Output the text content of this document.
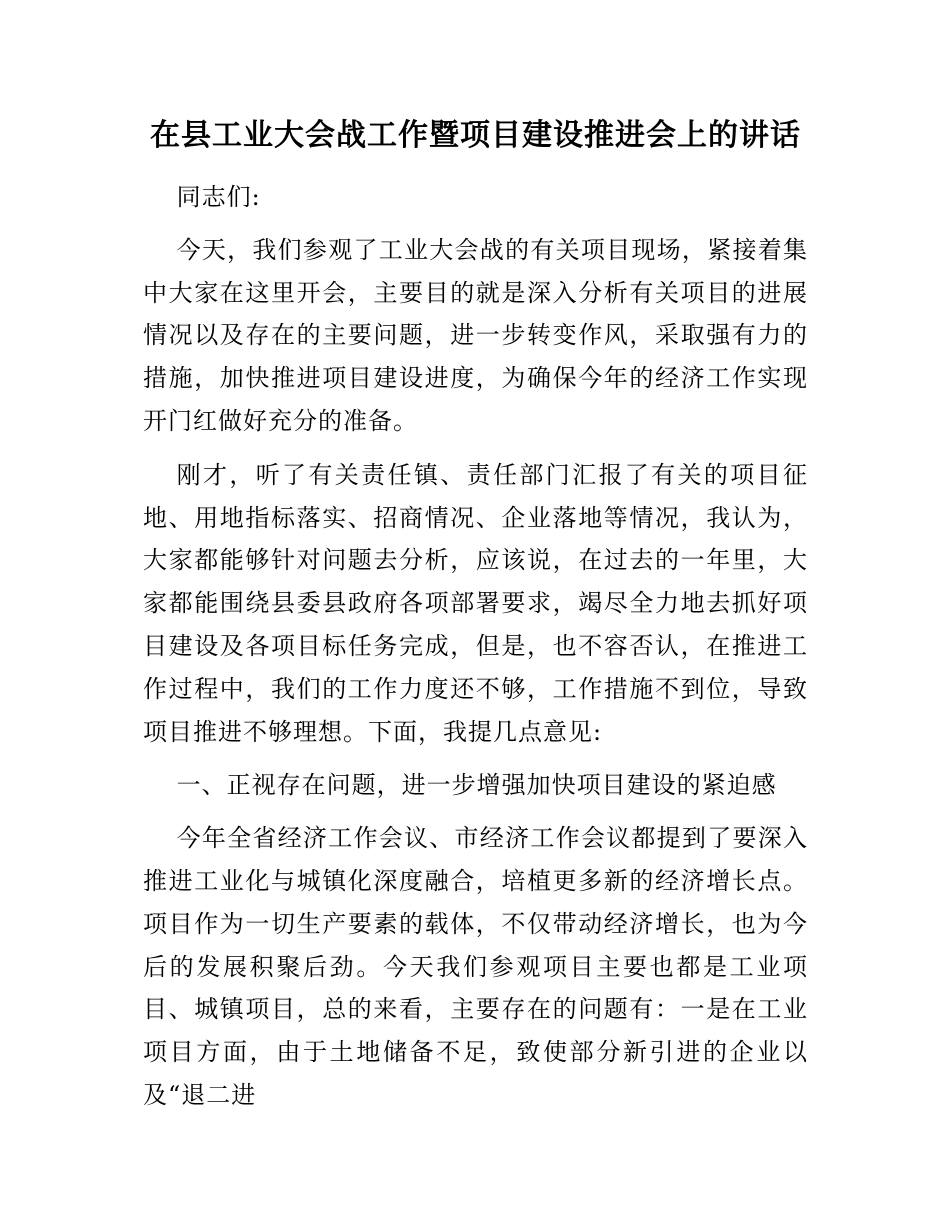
在县工业大会战工作暨项目建设推进会上的讲话

同志们:

今天，我们参观了工业大会战的有关项目现场，紧接着集中大家在这里开会，主要目的就是深入分析有关项目的进展情况以及存在的主要问题，进一步转变作风，采取强有力的措施，加快推进项目建设进度，为确保今年的经济工作实现开门红做好充分的准备。

刚才，听了有关责任镇、责任部门汇报了有关的项目征地、用地指标落实、招商情况、企业落地等情况，我认为，大家都能够针对问题去分析，应该说，在过去的一年里，大家都能围绕县委县政府各项部署要求，竭尽全力地去抓好项目建设及各项目标任务完成，但是，也不容否认，在推进工作过程中，我们的工作力度还不够，工作措施不到位，导致项目推进不够理想。下面，我提几点意见:

一、正视存在问题，进一步增强加快项目建设的紧迫感

今年全省经济工作会议、市经济工作会议都提到了要深入推进工业化与城镇化深度融合，培植更多新的经济增长点。项目作为一切生产要素的载体，不仅带动经济增长，也为今后的发展积聚后劲。今天我们参观项目主要也都是工业项目、城镇项目，总的来看，主要存在的问题有：一是在工业项目方面，由于土地储备不足，致使部分新引进的企业以及“退二进
